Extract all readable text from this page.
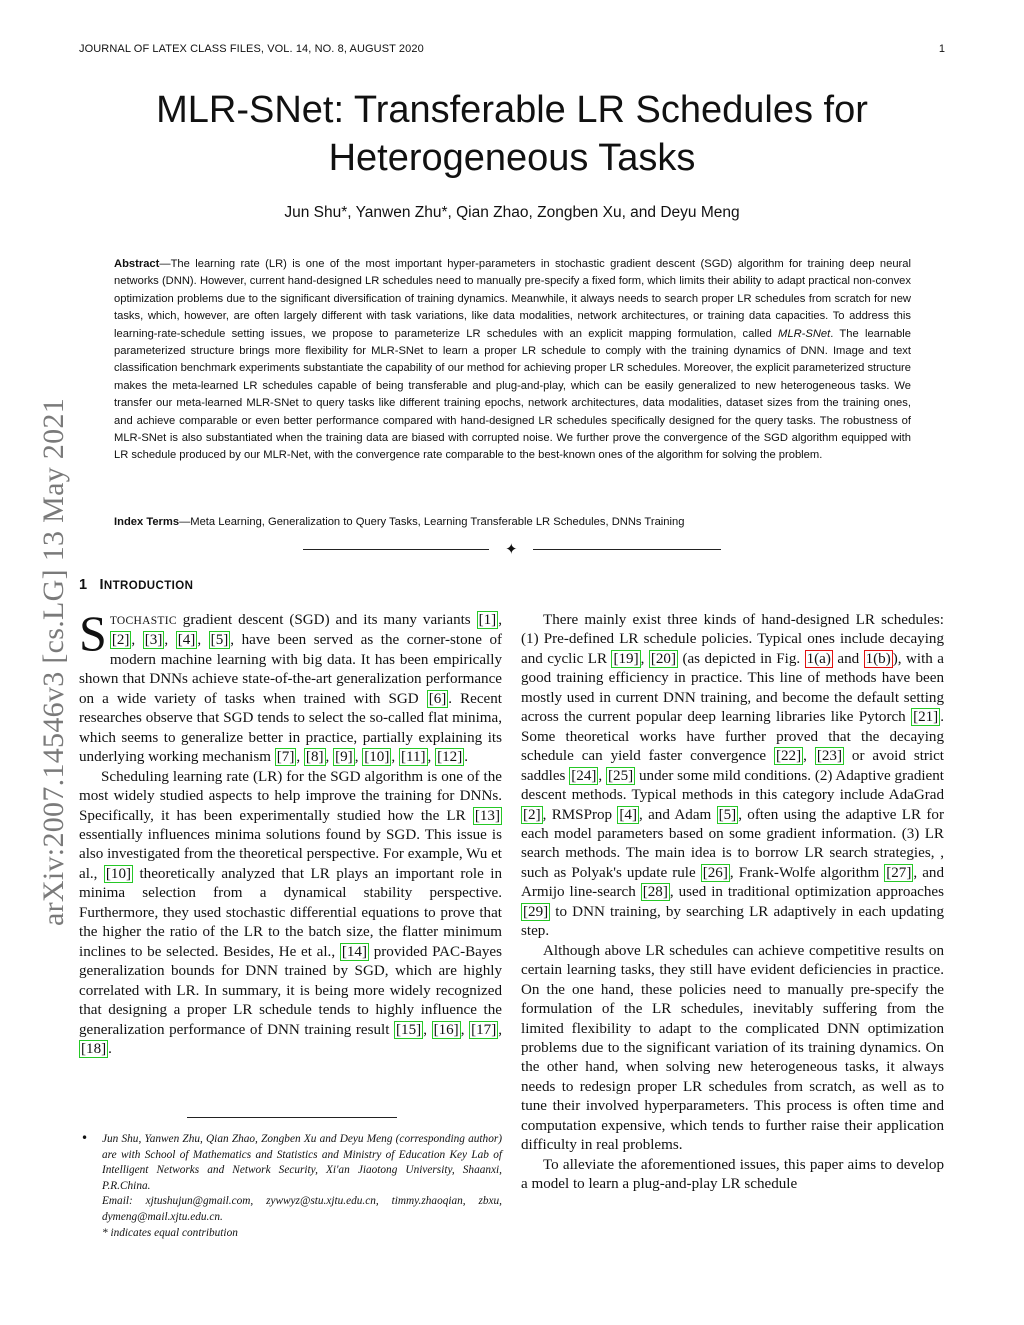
JOURNAL OF LATEX CLASS FILES, VOL. 14, NO. 8, AUGUST 2020	1
arXiv:2007.14546v3 [cs.LG] 13 May 2021
MLR-SNet: Transferable LR Schedules for Heterogeneous Tasks
Jun Shu*, Yanwen Zhu*, Qian Zhao, Zongben Xu, and Deyu Meng

Abstract—The learning rate (LR) is one of the most important hyper-parameters in stochastic gradient descent (SGD) algorithm for training deep neural networks (DNN). However, current hand-designed LR schedules need to manually pre-specify a fixed form, which limits their ability to adapt practical non-convex optimization problems due to the significant diversification of training dynamics. Meanwhile, it always needs to search proper LR schedules from scratch for new tasks, which, however, are often largely different with task variations, like data modalities, network architectures, or training data capacities. To address this learning-rate-schedule setting issues, we propose to parameterize LR schedules with an explicit mapping formulation, called MLR-SNet. The learnable parameterized structure brings more flexibility for MLR-SNet to learn a proper LR schedule to comply with the training dynamics of DNN. Image and text classification benchmark experiments substantiate the capability of our method for achieving proper LR schedules. Moreover, the explicit parameterized structure makes the meta-learned LR schedules capable of being transferable and plug-and-play, which can be easily generalized to new heterogeneous tasks. We transfer our meta-learned MLR-SNet to query tasks like different training epochs, network architectures, data modalities, dataset sizes from the training ones, and achieve comparable or even better performance compared with hand-designed LR schedules specifically designed for the query tasks. The robustness of MLR-SNet is also substantiated when the training data are biased with corrupted noise. We further prove the convergence of the SGD algorithm equipped with LR schedule produced by our MLR-Net, with the convergence rate comparable to the best-known ones of the algorithm for solving the problem.

Index Terms—Meta Learning, Generalization to Query Tasks, Learning Transferable LR Schedules, DNNs Training

✦
1 INTRODUCTION

STOCHASTIC gradient descent (SGD) and its many variants [1] , [2] , [3] , [4] , [5] , have been served as the corner-stone of modern machine learning with big data. It has been empirically shown that DNNs achieve state-of-the-art generalization performance on a wide variety of tasks when trained with SGD [6] . Recent researches observe that SGD tends to select the so-called flat minima, which seems to generalize better in practice, partially explaining its underlying working mechanism [7] , [8] , [9] , [10] , [11] , [12] .

Scheduling learning rate (LR) for the SGD algorithm is one of the most widely studied aspects to help improve the training for DNNs. Specifically, it has been experimentally studied how the LR [13] essentially influences minima solutions found by SGD. This issue is also investigated from the theoretical perspective. For example, Wu et al., [10] theoretically analyzed that LR plays an important role in minima selection from a dynamical stability perspective. Furthermore, they used stochastic differential equations to prove that the higher the ratio of the LR to the batch size, the flatter minimum inclines to be selected. Besides, He et al., [14] provided PAC-Bayes generalization bounds for DNN trained by SGD, which are highly correlated with LR. In summary, it is being more widely recognized that designing a proper LR schedule tends to highly influence the generalization performance of DNN training result [15] , [16] , [17] , [18] .

• Jun Shu, Yanwen Zhu, Qian Zhao, Zongben Xu and Deyu Meng (corresponding author) are with School of Mathematics and Statistics and Ministry of Education Key Lab of Intelligent Networks and Network Security, Xi'an Jiaotong University, Shaanxi, P.R.China.
Email: xjtushujun@gmail.com, zywwyz@stu.xjtu.edu.cn, timmy.zhaoqian, zbxu, dymeng@mail.xjtu.edu.cn.
* indicates equal contribution

There mainly exist three kinds of hand-designed LR schedules: (1) Pre-defined LR schedule policies. Typical ones include decaying and cyclic LR [19] , [20] (as depicted in Fig. 1(a) and 1(b) ), with a good training efficiency in practice. This line of methods have been mostly used in current DNN training, and become the default setting across the current popular deep learning libraries like Pytorch [21] . Some theoretical works have further proved that the decaying schedule can yield faster convergence [22] , [23] or avoid strict saddles [24] , [25] under some mild conditions. (2) Adaptive gradient descent methods. Typical methods in this category include AdaGrad [2] , RMSProp [4] , and Adam [5] , often using the adaptive LR for each model parameters based on some gradient information. (3) LR search methods. The main idea is to borrow LR search strategies, , such as Polyak's update rule [26] , Frank-Wolfe algorithm [27] , and Armijo line-search [28] , used in traditional optimization approaches [29] to DNN training, by searching LR adaptively in each updating step.

Although above LR schedules can achieve competitive results on certain learning tasks, they still have evident deficiencies in practice. On the one hand, these policies need to manually pre-specify the formulation of the LR schedules, inevitably suffering from the limited flexibility to adapt to the complicated DNN optimization problems due to the significant variation of its training dynamics. On the other hand, when solving new heterogeneous tasks, it always needs to redesign proper LR schedules from scratch, as well as to tune their involved hyperparameters. This process is often time and computation expensive, which tends to further raise their application difficulty in real problems.

To alleviate the aforementioned issues, this paper aims to develop a model to learn a plug-and-play LR schedule
